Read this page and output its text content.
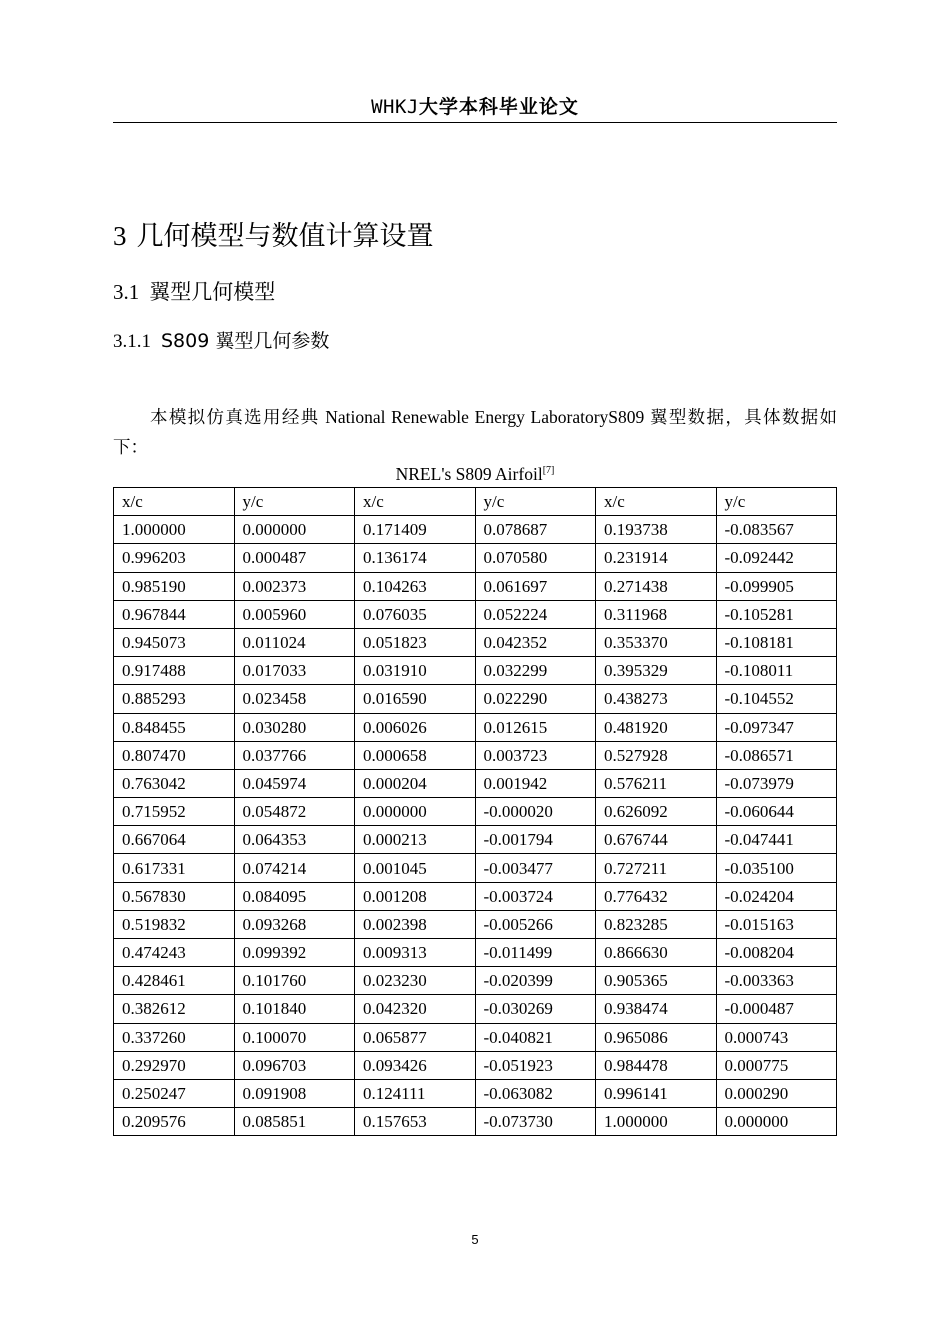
WHKJ大学本科毕业论文
3 几何模型与数值计算设置
3.1 翼型几何模型
3.1.1 S809 翼型几何参数
本模拟仿真选用经典 National Renewable Energy LaboratoryS809 翼型数据，具体数据如下：
NREL's S809 Airfoil[7]
x/c	y/c	x/c	y/c	x/c	y/c
1.000000	0.000000	0.171409	0.078687	0.193738	-0.083567
0.996203	0.000487	0.136174	0.070580	0.231914	-0.092442
0.985190	0.002373	0.104263	0.061697	0.271438	-0.099905
0.967844	0.005960	0.076035	0.052224	0.311968	-0.105281
0.945073	0.011024	0.051823	0.042352	0.353370	-0.108181
0.917488	0.017033	0.031910	0.032299	0.395329	-0.108011
0.885293	0.023458	0.016590	0.022290	0.438273	-0.104552
0.848455	0.030280	0.006026	0.012615	0.481920	-0.097347
0.807470	0.037766	0.000658	0.003723	0.527928	-0.086571
0.763042	0.045974	0.000204	0.001942	0.576211	-0.073979
0.715952	0.054872	0.000000	-0.000020	0.626092	-0.060644
0.667064	0.064353	0.000213	-0.001794	0.676744	-0.047441
0.617331	0.074214	0.001045	-0.003477	0.727211	-0.035100
0.567830	0.084095	0.001208	-0.003724	0.776432	-0.024204
0.519832	0.093268	0.002398	-0.005266	0.823285	-0.015163
0.474243	0.099392	0.009313	-0.011499	0.866630	-0.008204
0.428461	0.101760	0.023230	-0.020399	0.905365	-0.003363
0.382612	0.101840	0.042320	-0.030269	0.938474	-0.000487
0.337260	0.100070	0.065877	-0.040821	0.965086	0.000743
0.292970	0.096703	0.093426	-0.051923	0.984478	0.000775
0.250247	0.091908	0.124111	-0.063082	0.996141	0.000290
0.209576	0.085851	0.157653	-0.073730	1.000000	0.000000
5
